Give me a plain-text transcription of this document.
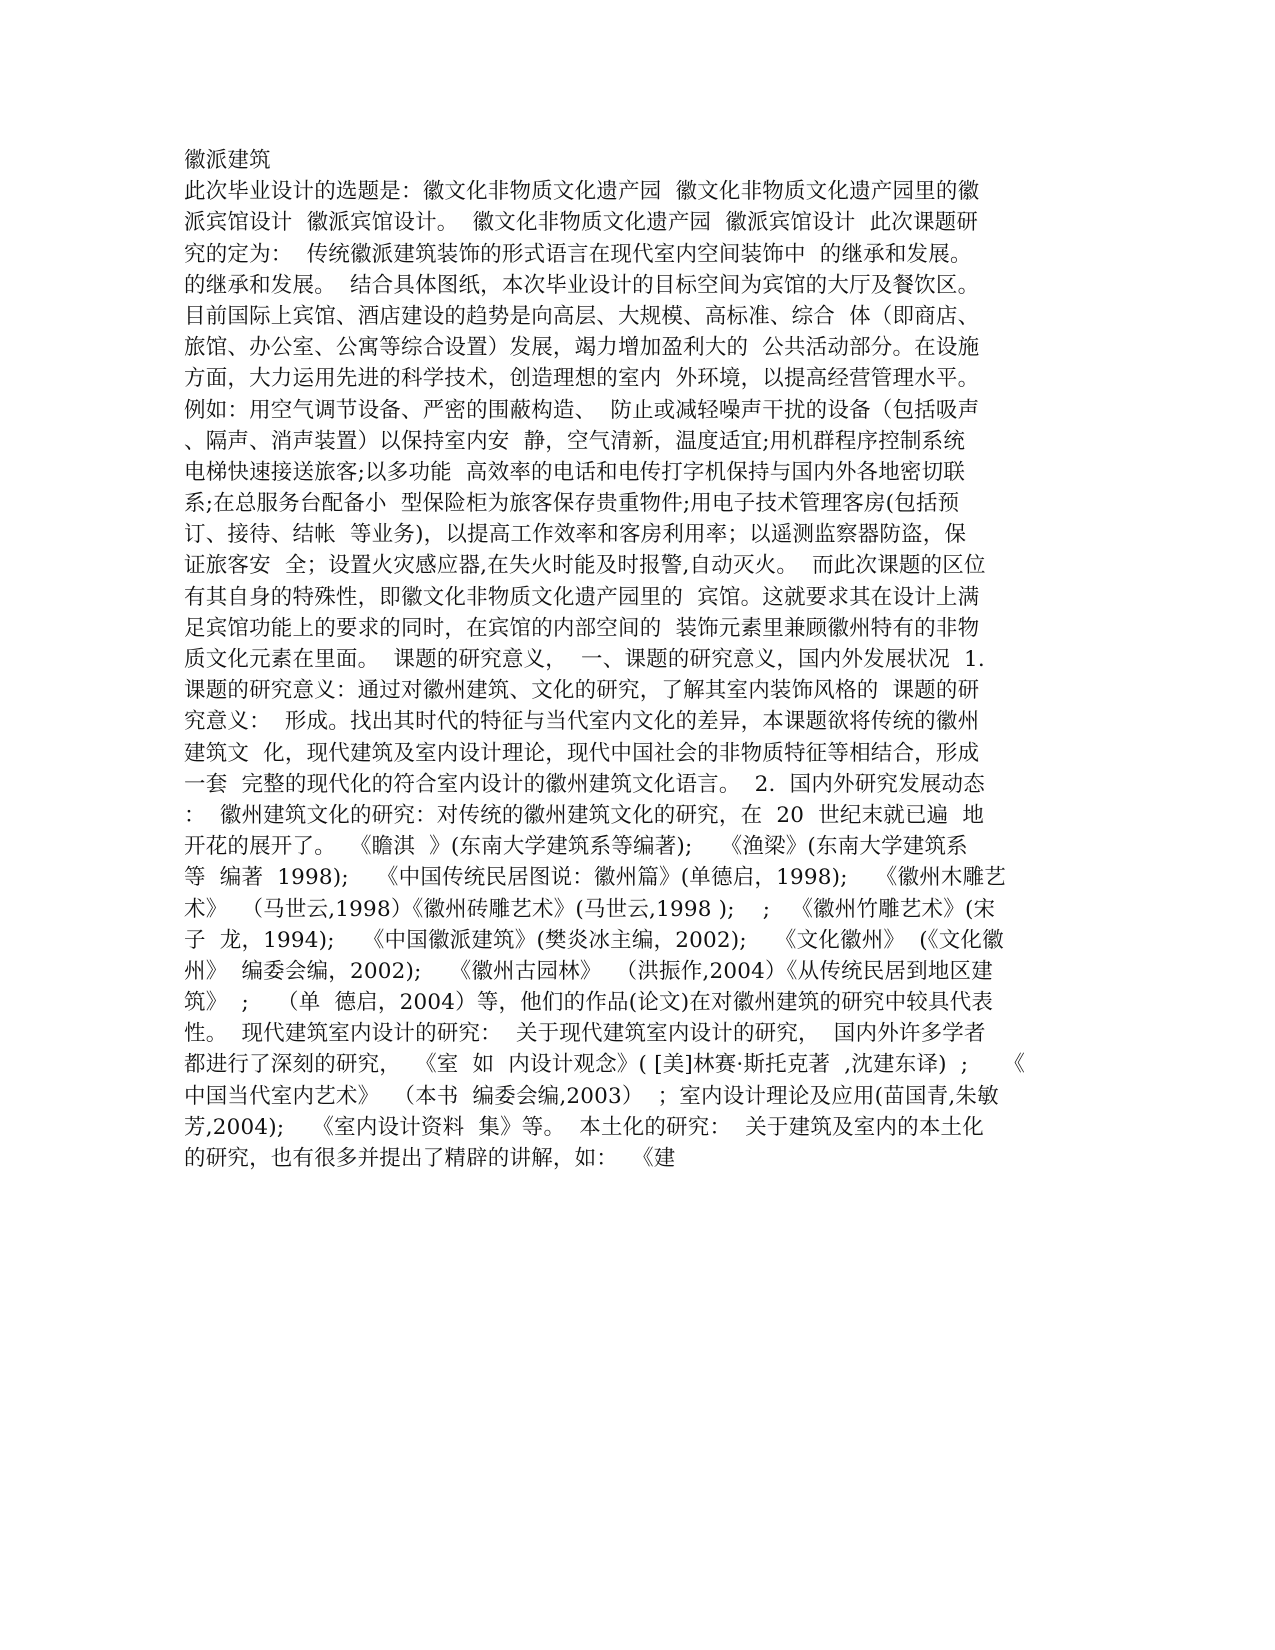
徽派建筑
此次毕业设计的选题是：徽文化非物质文化遗产园  徽文化非物质文化遗产园里的徽
派宾馆设计  徽派宾馆设计。  徽文化非物质文化遗产园  徽派宾馆设计  此次课题研
究的定为：  传统徽派建筑装饰的形式语言在现代室内空间装饰中  的继承和发展。
的继承和发展。  结合具体图纸，本次毕业设计的目标空间为宾馆的大厅及餐饮区。
目前国际上宾馆、酒店建设的趋势是向高层、大规模、高标准、综合  体（即商店、
旅馆、办公室、公寓等综合设置）发展，竭力增加盈利大的  公共活动部分。在设施
方面，大力运用先进的科学技术，创造理想的室内  外环境，以提高经营管理水平。
例如：用空气调节设备、严密的围蔽构造、  防止或减轻噪声干扰的设备（包括吸声
、隔声、消声装置）以保持室内安  静，空气清新，温度适宜;用机群程序控制系统
电梯快速接送旅客;以多功能  高效率的电话和电传打字机保持与国内外各地密切联
系;在总服务台配备小  型保险柜为旅客保存贵重物件;用电子技术管理客房(包括预
订、接待、结帐  等业务)，以提高工作效率和客房利用率；以遥测监察器防盗，保
证旅客安  全；设置火灾感应器,在失火时能及时报警,自动灭火。  而此次课题的区位
有其自身的特殊性，即徽文化非物质文化遗产园里的  宾馆。这就要求其在设计上满
足宾馆功能上的要求的同时，在宾馆的内部空间的  装饰元素里兼顾徽州特有的非物
质文化元素在里面。  课题的研究意义，  一、课题的研究意义，国内外发展状况  1.
课题的研究意义：通过对徽州建筑、文化的研究，了解其室内装饰风格的  课题的研
究意义：  形成。找出其时代的特征与当代室内文化的差异，本课题欲将传统的徽州
建筑文  化，现代建筑及室内设计理论，现代中国社会的非物质特征等相结合，形成
一套  完整的现代化的符合室内设计的徽州建筑文化语言。  2.  国内外研究发展动态
：  徽州建筑文化的研究：对传统的徽州建筑文化的研究，在  20  世纪末就已遍  地
开花的展开了。  《瞻淇  》(东南大学建筑系等编著);    《渔梁》(东南大学建筑系
等  编著  1998);    《中国传统民居图说：徽州篇》(单德启，1998);    《徽州木雕艺
术》  （马世云,1998）《徽州砖雕艺术》(马世云,1998 );    ;   《徽州竹雕艺术》(宋
子  龙，1994);    《中国徽派建筑》(樊炎冰主编，2002);    《文化徽州》  (《文化徽
州》  编委会编，2002);    《徽州古园林》  （洪振作,2004）《从传统民居到地区建
筑》  ;    （单  德启，2004）等，他们的作品(论文)在对徽州建筑的研究中较具代表
性。  现代建筑室内设计的研究：  关于现代建筑室内设计的研究，  国内外许多学者
都进行了深刻的研究，  《室  如  内设计观念》( [美]林赛·斯托克著  ,沈建东译)  ;     《
中国当代室内艺术》  （本书  编委会编,2003）  ；室内设计理论及应用(苗国青,朱敏
芳,2004);    《室内设计资料  集》等。  本土化的研究：  关于建筑及室内的本土化
的研究，也有很多并提出了精辟的讲解，如：  《建
